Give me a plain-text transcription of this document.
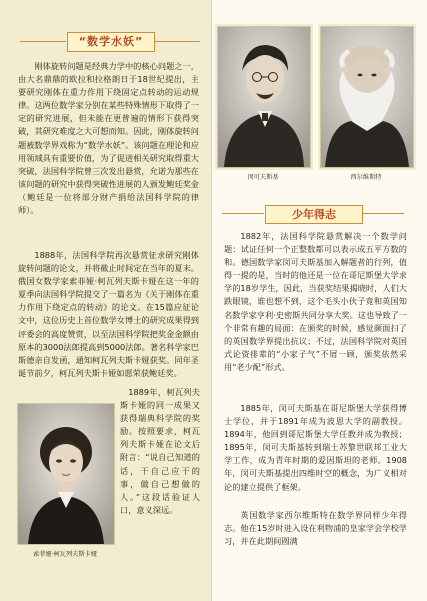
“数学水妖”

刚体旋转问题是经典力学中的核心问题之一，由大名鼎鼎的欧拉和拉格朗日于18世纪提出，主要研究刚体在重力作用下绕固定点转动的运动规律。这两位数学家分别在某些特殊情形下取得了一定的研究进展，但未能在更普遍的情形下获得突破，其研究难度之大可想而知。因此，刚体旋转问题被数学界戏称为“数学水妖”。该问题在理论和应用领域具有重要价值，为了促进相关研究取得重大突破，法国科学院曾三次发出悬赏，允诺为那些在该问题的研究中获得突破性进展的人颁发鲍廷奖金（鲍廷是一位将部分财产捐给法国科学院的律师）。

1888年，法国科学院再次悬赏征求研究刚体旋转问题的论文，并将截止时间定在当年的夏末。俄国女数学家索菲娅·柯瓦列夫斯卡娅在这一年的夏季向法国科学院提交了一篇名为《关于刚体在重力作用下绕定点的转动》的论文。在15篇应征论文中，这位历史上首位数学女博士的研究成果得到评委会的高度赞赏，以至法国科学院把奖金金额由原本的3000法郎提高到5000法郎。著名科学家巴斯德亲自发函，通知柯瓦列夫斯卡娅获奖。同年圣诞节前夕，柯瓦列夫斯卡娅如愿荣获鲍廷奖。

1889年，柯瓦列夫斯卡娅的同一成果又获得瑞典科学院的奖励。按照要求，柯瓦列夫斯卡娅在论文后附言：“说自己知道的话，干自己应干的事，做自己想做的人。”这段话验证人口，意义深远。

索菲娅·柯瓦列夫斯卡娅
闵可夫斯基	西尔维斯特
少年得志

1882年，法国科学院悬赏解决一个数学问题：试证任何一个正整数都可以表示成五平方数的和。德国数学家闵可夫斯基加入解题者的行列，值得一提的是，当时的他还是一位在哥尼斯堡大学求学的18岁学生，因此，当获奖结果揭晓时，人们大跌眼镜，谁也想不到，这个毛头小伙子竟和英国知名数学家亨利·史密斯共同分享大奖。这也导致了一个非常有趣的局面：在颁奖的时候，感觉颜面扫了的英国数学界提出抗议；不过，法国科学院对英国式论资排辈的“小家子气”不屑一顾，颁奖依然采用“老少配”形式。

1885年，闵可夫斯基在哥尼斯堡大学获得博士学位，并于1891年成为波恩大学的副教授。1894年，他回到哥尼斯堡大学任教并成为教授；1895年，闵可夫斯基转到瑞士苏黎世联邦工业大学工作，成为青年时期的爱因斯坦的老师。1908年，闵可夫斯基提出四维时空的概念，为广义相对论的建立提供了框架。

英国数学家西尔维斯特在数学界同样少年得志。他在15岁时进入设在利物浦的皇家学会学校学习，并在此期间圆满
